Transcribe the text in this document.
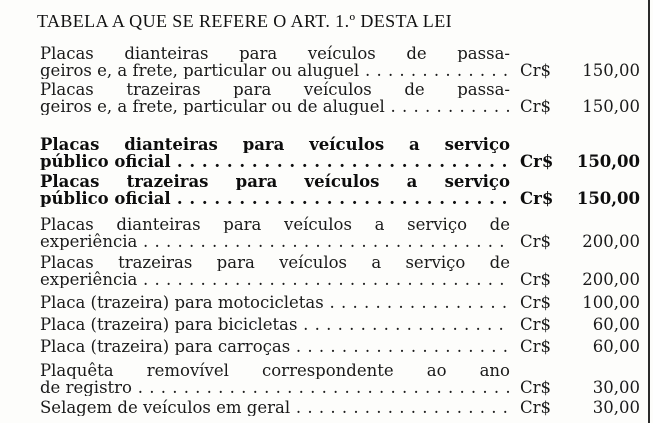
TABELA A QUE SE REFERE O ART. 1.º DESTA LEI
Placas dianteiras para veículos de passa-
geiros e, a frete, particular ou aluguel . . .	Cr$	150,00
Placas trazeiras para veículos de passa-
geiros e, a frete, particular ou de aluguel . . .	Cr$	150,00
Placas dianteiras para veículos a serviço
público oficial . . .	Cr$	150,00
Placas trazeiras para veículos a serviço
público oficial . . .	Cr$	150,00
Placas dianteiras para veículos a serviço de
experiência . . .	Cr$	200,00
Placas trazeiras para veículos a serviço de
experiência . . .	Cr$	200,00
Placa (trazeira) para motocicletas . . .	Cr$	100,00
Placa (trazeira) para bicicletas . . .	Cr$	60,00
Placa (trazeira) para carroças . . .	Cr$	60,00
Plaquêta removível correspondente ao ano
de registro . . .	Cr$	30,00
Selagem de veículos em geral . . .	Cr$	30,00
